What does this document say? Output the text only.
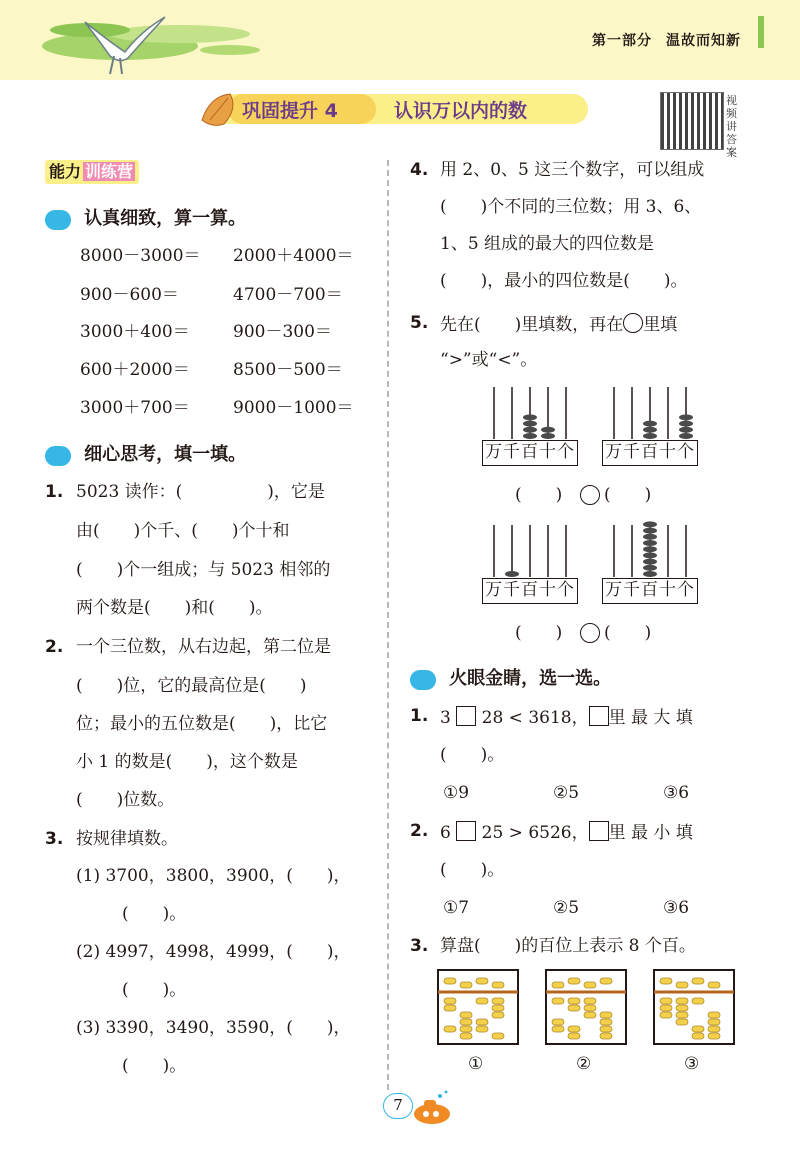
第一部分 温故而知新
巩固提升 4	认识万以内的数	视频讲答案
能力 训练营
认真细致，算一算。
8000－3000＝ 2000＋4000＝
900－600＝	4700－700＝
3000＋400＝	900－300＝
600＋2000＝	8500－500＝
3000＋700＝	9000－1000＝
细心思考，填一填。
1. 5023 读作：(　　　　　)，它是
由(　　)个千、(　　)个十和
(　　)个一组成；与 5023 相邻的
两个数是(　　)和(　　)。
2. 一个三位数，从右边起，第二位是
(　　)位，它的最高位是(　　)
位；最小的五位数是(　　)，比它
小 1 的数是(　　)，这个数是
(　　)位数。
3. 按规律填数。
(1) 3700，3800，3900，(　　)，
(　　)。
(2) 4997，4998，4999，(　　)，
(　　)。
(3) 3390，3490，3590，(　　)，
(　　)。
4. 用 2、0、5 这三个数字，可以组成
(　　)个不同的三位数；用 3、6、
1、5 组成的最大的四位数是
(　　)，最小的四位数是(　　)。
5. 先在(　　)里填数，再在 里填
“>”或“<”。
万千百十个 万千百十个
万千百十个 万千百十个
(　　) (　　)
(　　) (　　)
火眼金睛，选一选。
1. 3 28 < 3618， 里 最 大 填
(　　)。
①9	②5	③6
2. 6 25 > 6526， 里 最 小 填
(　　)。
①7	②5	③6
3. 算盘(　　)的百位上表示 8 个百。
①	②	③
7
